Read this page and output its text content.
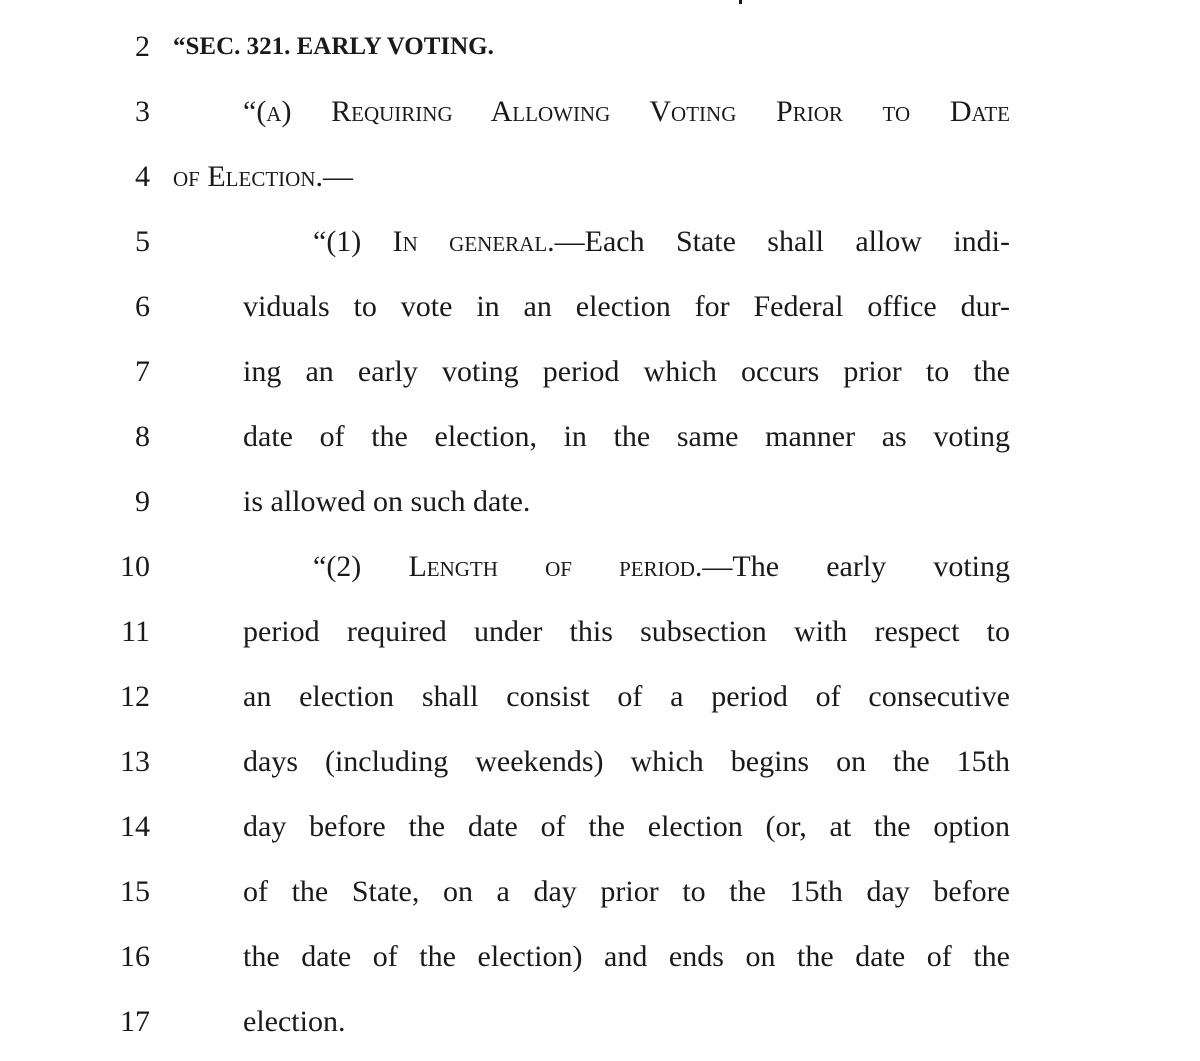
2 “SEC. 321. EARLY VOTING.
3	“(a) Requiring Allowing Voting Prior to Date
4 of Election.—
5	“(1) In general.—Each State shall allow indi-
6	viduals to vote in an election for Federal office dur-
7	ing an early voting period which occurs prior to the
8	date of the election, in the same manner as voting
9	is allowed on such date.
10	“(2) Length of period.—The early voting
11	period required under this subsection with respect to
12	an election shall consist of a period of consecutive
13	days (including weekends) which begins on the 15th
14	day before the date of the election (or, at the option
15	of the State, on a day prior to the 15th day before
16	the date of the election) and ends on the date of the
17	election.
